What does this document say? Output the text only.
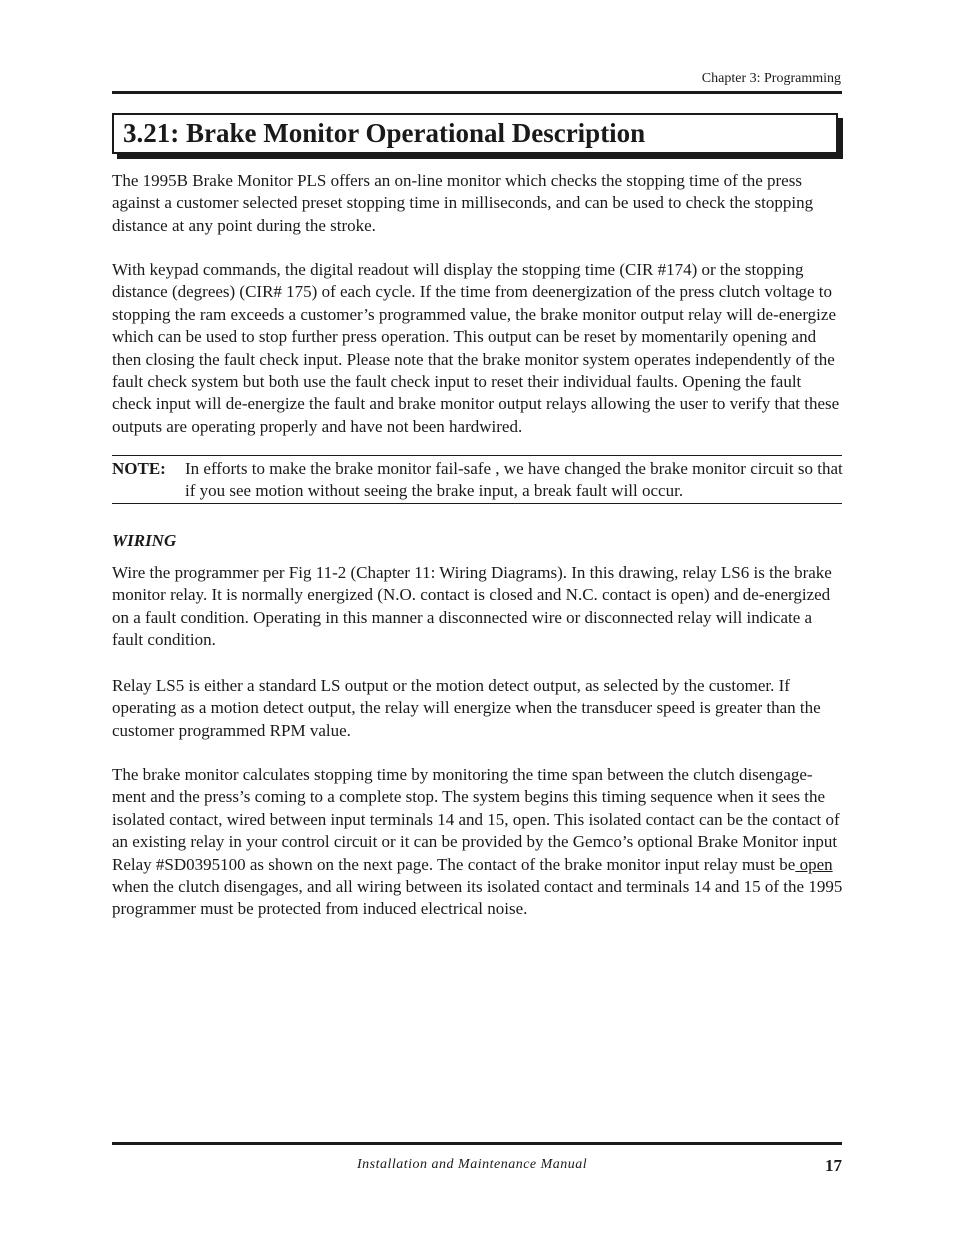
Chapter 3: Programming
3.21: Brake Monitor Operational Description

The 1995B Brake Monitor PLS offers an on-line monitor which checks the stopping time of the press against a customer selected preset stopping time in milliseconds, and can be used to check the stopping distance at any point during the stroke.

With keypad commands, the digital readout will display the stopping time (CIR #174) or the stopping distance (degrees) (CIR# 175) of each cycle. If the time from deenergization of the press clutch voltage to stopping the ram exceeds a customer’s programmed value, the brake monitor output relay will de-energize which can be used to stop further press operation. This output can be reset by momentarily opening and then closing the fault check input. Please note that the brake monitor system operates independently of the fault check system but both use the fault check input to reset their individual faults. Opening the fault check input will de-energize the fault and brake monitor output relays allowing the user to verify that these outputs are operating properly and have not been hardwired.

NOTE: In efforts to make the brake monitor fail-safe , we have changed the brake monitor circuit so that if you see motion without seeing the brake input, a break fault will occur.

WIRING

Wire the programmer per Fig 11-2 (Chapter 11: Wiring Diagrams). In this drawing, relay LS6 is the brake monitor relay. It is normally energized (N.O. contact is closed and N.C. contact is open) and de-energized on a fault condition. Operating in this manner a disconnected wire or disconnected relay will indicate a fault condition.

Relay LS5 is either a standard LS output or the motion detect output, as selected by the customer. If operating as a motion detect output, the relay will energize when the transducer speed is greater than the customer programmed RPM value.

The brake monitor calculates stopping time by monitoring the time span between the clutch disengage-ment and the press’s coming to a complete stop. The system begins this timing sequence when it sees the isolated contact, wired between input terminals 14 and 15, open. This isolated contact can be the contact of an existing relay in your control circuit or it can be provided by the Gemco’s optional Brake Monitor input Relay #SD0395100 as shown on the next page. The contact of the brake monitor input relay must be open when the clutch disengages, and all wiring between its isolated contact and terminals 14 and 15 of the 1995 programmer must be protected from induced electrical noise.

Installation and Maintenance Manual	17
